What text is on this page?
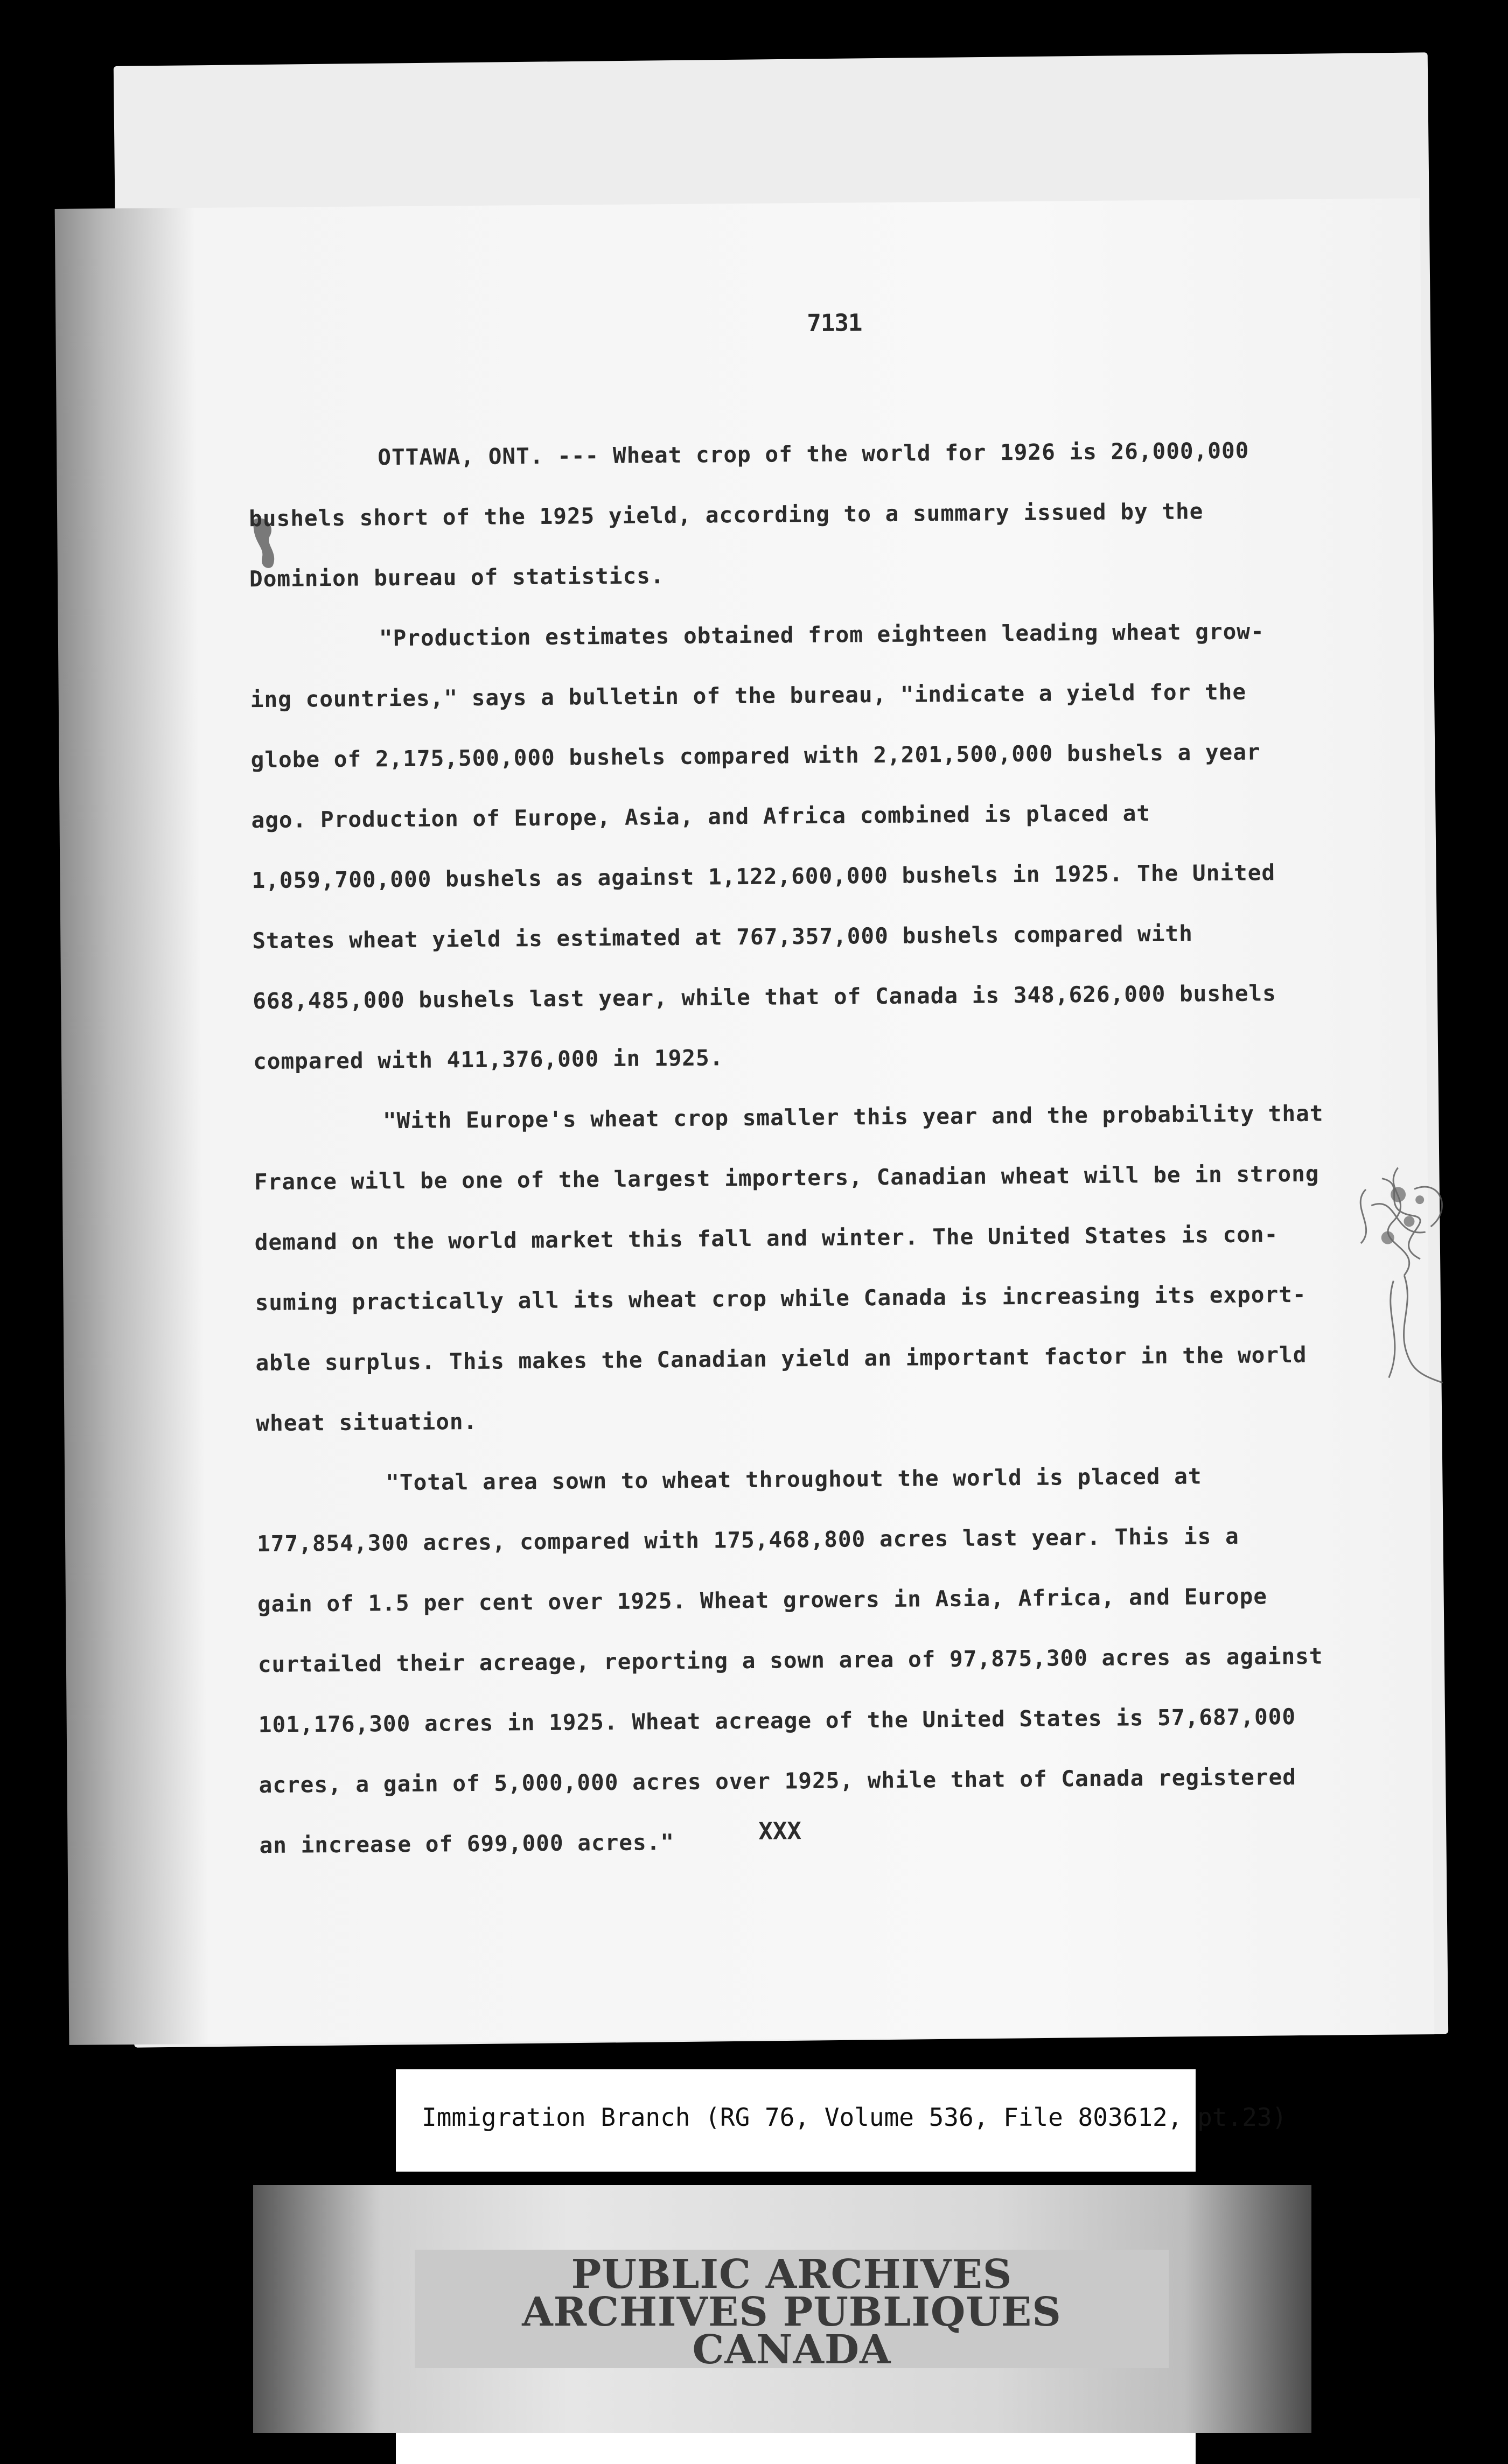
7131
OTTAWA, ONT. --- Wheat crop of the world for 1926 is 26,000,000
bushels short of the 1925 yield, according to a summary issued by the
Dominion bureau of statistics.
"Production estimates obtained from eighteen leading wheat grow-
ing countries," says a bulletin of the bureau, "indicate a yield for the
globe of 2,175,500,000 bushels compared with 2,201,500,000 bushels a year
ago. Production of Europe, Asia, and Africa combined is placed at
1,059,700,000 bushels as against 1,122,600,000 bushels in 1925. The United
States wheat yield is estimated at 767,357,000 bushels compared with
668,485,000 bushels last year, while that of Canada is 348,626,000 bushels
compared with 411,376,000 in 1925.
"With Europe's wheat crop smaller this year and the probability that
France will be one of the largest importers, Canadian wheat will be in strong
demand on the world market this fall and winter. The United States is con-
suming practically all its wheat crop while Canada is increasing its export-
able surplus. This makes the Canadian yield an important factor in the world
wheat situation.
"Total area sown to wheat throughout the world is placed at
177,854,300 acres, compared with 175,468,800 acres last year. This is a
gain of 1.5 per cent over 1925. Wheat growers in Asia, Africa, and Europe
curtailed their acreage, reporting a sown area of 97,875,300 acres as against
101,176,300 acres in 1925. Wheat acreage of the United States is 57,687,000
acres, a gain of 5,000,000 acres over 1925, while that of Canada registered
an increase of 699,000 acres."	XXX
Immigration Branch (RG 76, Volume 536, File 803612, pt.23)
PUBLIC ARCHIVES
ARCHIVES PUBLIQUES
CANADA
